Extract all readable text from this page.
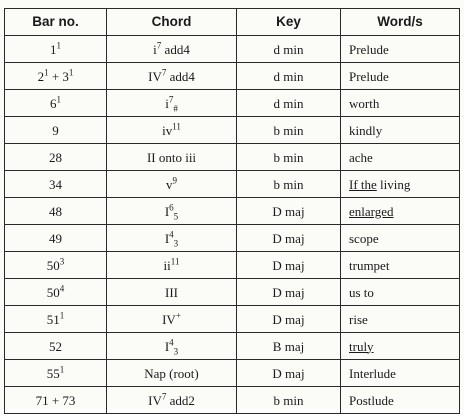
Bar no.	Chord	Key	Word/s
$1^1$	$i^7$ add4	d min	Prelude
$2^1 + 3^1$	$IV^7$ add4	d min	Prelude
$6^1$	$i^7_{\#}$	d min	worth
9	$iv^{11}$	b min	kindly
28	II onto iii	b min	ache
34	$v^9$	b min	If the living
48	$I^6_5$	D maj	enlarged
49	$I^4_3$	D maj	scope
$50^3$	$ii^{11}$	D maj	trumpet
$50^4$	III	D maj	us to
$51^1$	IV+	D maj	rise
52	$I^4_3$	B maj	truly
$55^1$	Nap (root)	D maj	Interlude
71 + 73	$IV^7$ add2	b min	Postlude
